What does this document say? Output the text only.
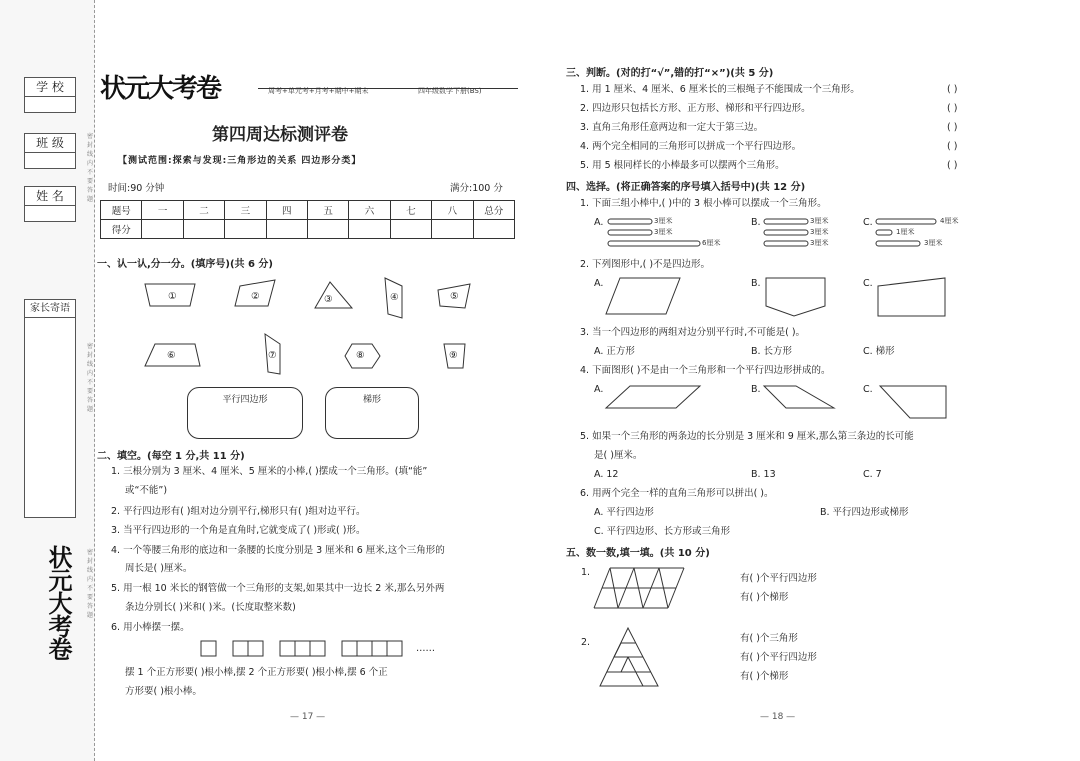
学 校
班 级
姓 名
家长寄语
密封线内不要答题
密封线内不要答题
密封线内不要答题
状元大考卷
状元大考卷	周考+单元考+月考+期中+期末	四年级数学下册(BS)
第四周达标测评卷
【测试范围:探索与发现:三角形边的关系 四边形分类】
时间:90 分钟	满分:100 分
题号	一	二	三	四	五	六	七	八	总分
得分									
一、认一认,分一分。(填序号)(共 6 分)
①	②	③	④	⑤
⑥	⑦	⑧	⑨
平行四边形	梯形
二、填空。(每空 1 分,共 11 分)
1. 三根分别为 3 厘米、4 厘米、5 厘米的小棒,( )摆成一个三角形。(填“能”
或“不能”)
2. 平行四边形有( )组对边分别平行,梯形只有( )组对边平行。
3. 当平行四边形的一个角是直角时,它就变成了( )形或( )形。
4. 一个等腰三角形的底边和一条腰的长度分别是 3 厘米和 6 厘米,这个三角形的
周长是( )厘米。
5. 用一根 10 米长的钢管做一个三角形的支架,如果其中一边长 2 米,那么另外两
条边分别长( )米和( )米。(长度取整米数)
6. 用小棒摆一摆。
……
摆 1 个正方形要( )根小棒,摆 2 个正方形要( )根小棒,摆 6 个正
方形要( )根小棒。
— 17 —
三、判断。(对的打“√”,错的打“×”)(共 5 分)
1. 用 1 厘米、4 厘米、6 厘米长的三根绳子不能围成一个三角形。	( )
2. 四边形只包括长方形、正方形、梯形和平行四边形。	( )
3. 直角三角形任意两边和一定大于第三边。	( )
4. 两个完全相同的三角形可以拼成一个平行四边形。	( )
5. 用 5 根同样长的小棒最多可以摆两个三角形。	( )
四、选择。(将正确答案的序号填入括号中)(共 12 分)
1. 下面三组小棒中,( )中的 3 根小棒可以摆成一个三角形。
A.	B.	C.
3厘米
3厘米
6厘米
3厘米
3厘米
3厘米
4厘米
1厘米
3厘米
2. 下列图形中,( )不是四边形。
A.	B.	C.
3. 当一个四边形的两组对边分别平行时,不可能是( )。
A. 正方形	B. 长方形	C. 梯形
4. 下面图形( )不是由一个三角形和一个平行四边形拼成的。
A.	B.	C.
5. 如果一个三角形的两条边的长分别是 3 厘米和 9 厘米,那么第三条边的长可能
是( )厘米。
A. 12	B. 13	C. 7
6. 用两个完全一样的直角三角形可以拼出( )。
A. 平行四边形	B. 平行四边形或梯形
C. 平行四边形、长方形或三角形
五、数一数,填一填。(共 10 分)
1.
有( )个平行四边形
有( )个梯形
2.	有( )个三角形
有( )个平行四边形
有( )个梯形
— 18 —
